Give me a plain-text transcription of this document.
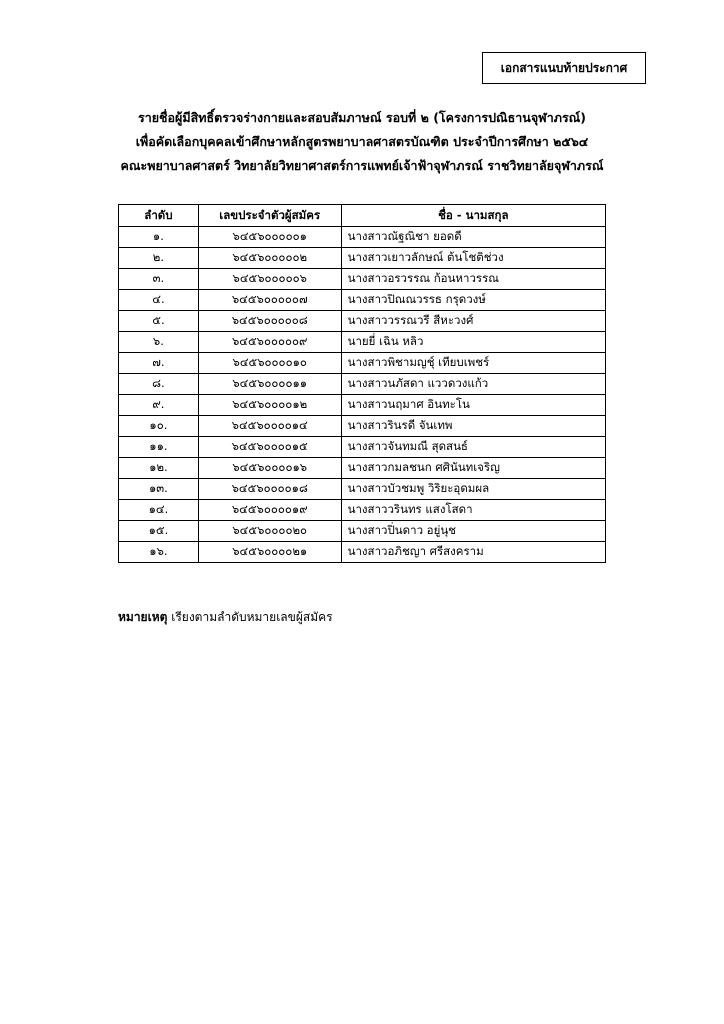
เอกสารแนบท้ายประกาศ
รายชื่อผู้มีสิทธิ์ตรวจร่างกายและสอบสัมภาษณ์ รอบที่ ๒ (โครงการปณิธานจุฬาภรณ์)
เพื่อคัดเลือกบุคคลเข้าศึกษาหลักสูตรพยาบาลศาสตรบัณฑิต ประจำปีการศึกษา ๒๕๖๔
คณะพยาบาลศาสตร์ วิทยาลัยวิทยาศาสตร์การแพทย์เจ้าฟ้าจุฬาภรณ์ ราชวิทยาลัยจุฬาภรณ์
ลำดับ	เลขประจำตัวผู้สมัคร	ชื่อ - นามสกุล
๑.	๖๔๕๖๐๐๐๐๐๑	นางสาวณัฐณิชา ยอดดี
๒.	๖๔๕๖๐๐๐๐๐๒	นางสาวเยาวลักษณ์ ต้นโชติช่วง
๓.	๖๔๕๖๐๐๐๐๐๖	นางสาวอรวรรณ ก้อนหาวรรณ
๔.	๖๔๕๖๐๐๐๐๐๗	นางสาวปิณณวรรธ กรุดวงษ์
๕.	๖๔๕๖๐๐๐๐๐๘	นางสาววรรณวรี สีหะวงศ์
๖.	๖๔๕๖๐๐๐๐๐๙	นายยี่ เฉิน หลิว
๗.	๖๔๕๖๐๐๐๐๑๐	นางสาวพิชามญชุ์ เทียบเพชร์
๘.	๖๔๕๖๐๐๐๐๑๑	นางสาวนภัสดา แววดวงแก้ว
๙.	๖๔๕๖๐๐๐๐๑๒	นางสาวนฤมาศ อินทะโน
๑๐.	๖๔๕๖๐๐๐๐๑๔	นางสาวรินรดี จันเทพ
๑๑.	๖๔๕๖๐๐๐๐๑๕	นางสาวจันทมณี สุดสนธ์
๑๒.	๖๔๕๖๐๐๐๐๑๖	นางสาวกมลชนก ศศินันทเจริญ
๑๓.	๖๔๕๖๐๐๐๐๑๘	นางสาวบัวชมพู วิริยะอุดมผล
๑๔.	๖๔๕๖๐๐๐๐๑๙	นางสาววรินทร แสงโสดา
๑๕.	๖๔๕๖๐๐๐๐๒๐	นางสาวปิ่นดาว อยู่นุช
๑๖.	๖๔๕๖๐๐๐๐๒๑	นางสาวอภิชญา ศรีสงคราม
หมายเหตุ เรียงตามลำดับหมายเลขผู้สมัคร
